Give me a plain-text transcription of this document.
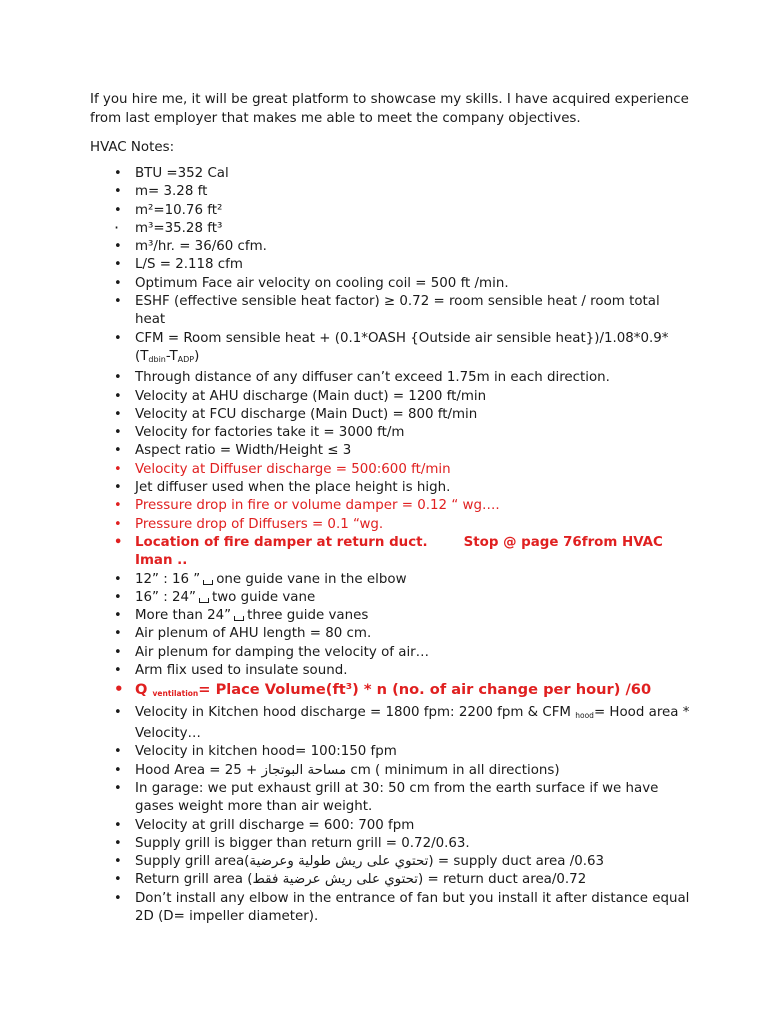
If you hire me, it will be great platform to showcase my skills. I have acquired experience from last employer that makes me able to meet the company objectives.

HVAC Notes:

• BTU =352 Cal
• m= 3.28 ft
• m²=10.76 ft²
· m³=35.28 ft³
• m³/hr. = 36/60 cfm.
• L/S = 2.118 cfm
• Optimum Face air velocity on cooling coil = 500 ft /min.
• ESHF (effective sensible heat factor) ≥ 0.72 = room sensible heat / room total heat
• CFM = Room sensible heat + (0.1*OASH {Outside air sensible $heat\})/1.08*0.9*(T_{dbin}-T_{ADP})$
• Through distance of any diffuser can’t exceed 1.75m in each direction.
• Velocity at AHU discharge (Main duct) = 1200 ft/min
• Velocity at FCU discharge (Main Duct) = 800 ft/min
• Velocity for factories take it = 3000 ft/m
• Aspect ratio = Width/Height ≤ 3
• Velocity at Diffuser discharge = 500:600 ft/min
• Jet diffuser used when the place height is high.
• Pressure drop in fire or volume damper = 0.12 “ wg….
• Pressure drop of Diffusers = 0.1 “wg.
• Location of fire damper at return duct.	Stop @ page 76from HVAC Iman ..
• 12” : 16 ” one guide vane in the elbow
• 16” : 24” two guide vane
• More than 24” three guide vanes
• Air plenum of AHU length = 80 cm.
• Air plenum for damping the velocity of air…
• Arm flix used to insulate sound.
• Q ventilation= Place Volume(ft³) * n (no. of air change per hour) /60
• Velocity in Kitchen hood discharge = 1800 fpm: 2200 fpm & CFM hood= Hood area * Velocity…
• Velocity in kitchen hood= 100:150 fpm
• Hood Area = 25 + مساحة البوتجاز cm ( minimum in all directions)
• In garage: we put exhaust grill at 30: 50 cm from the earth surface if we have gases weight more than air weight.
• Velocity at grill discharge = 600: 700 fpm
• Supply grill is bigger than return grill = 0.72/0.63.
• Supply grill area(تحتوي على ريش طولية وعرضية) = supply duct area /0.63
• Return grill area (تحتوي على ريش عرضية فقط) = return duct area/0.72
• Don’t install any elbow in the entrance of fan but you install it after distance equal 2D (D= impeller diameter).
